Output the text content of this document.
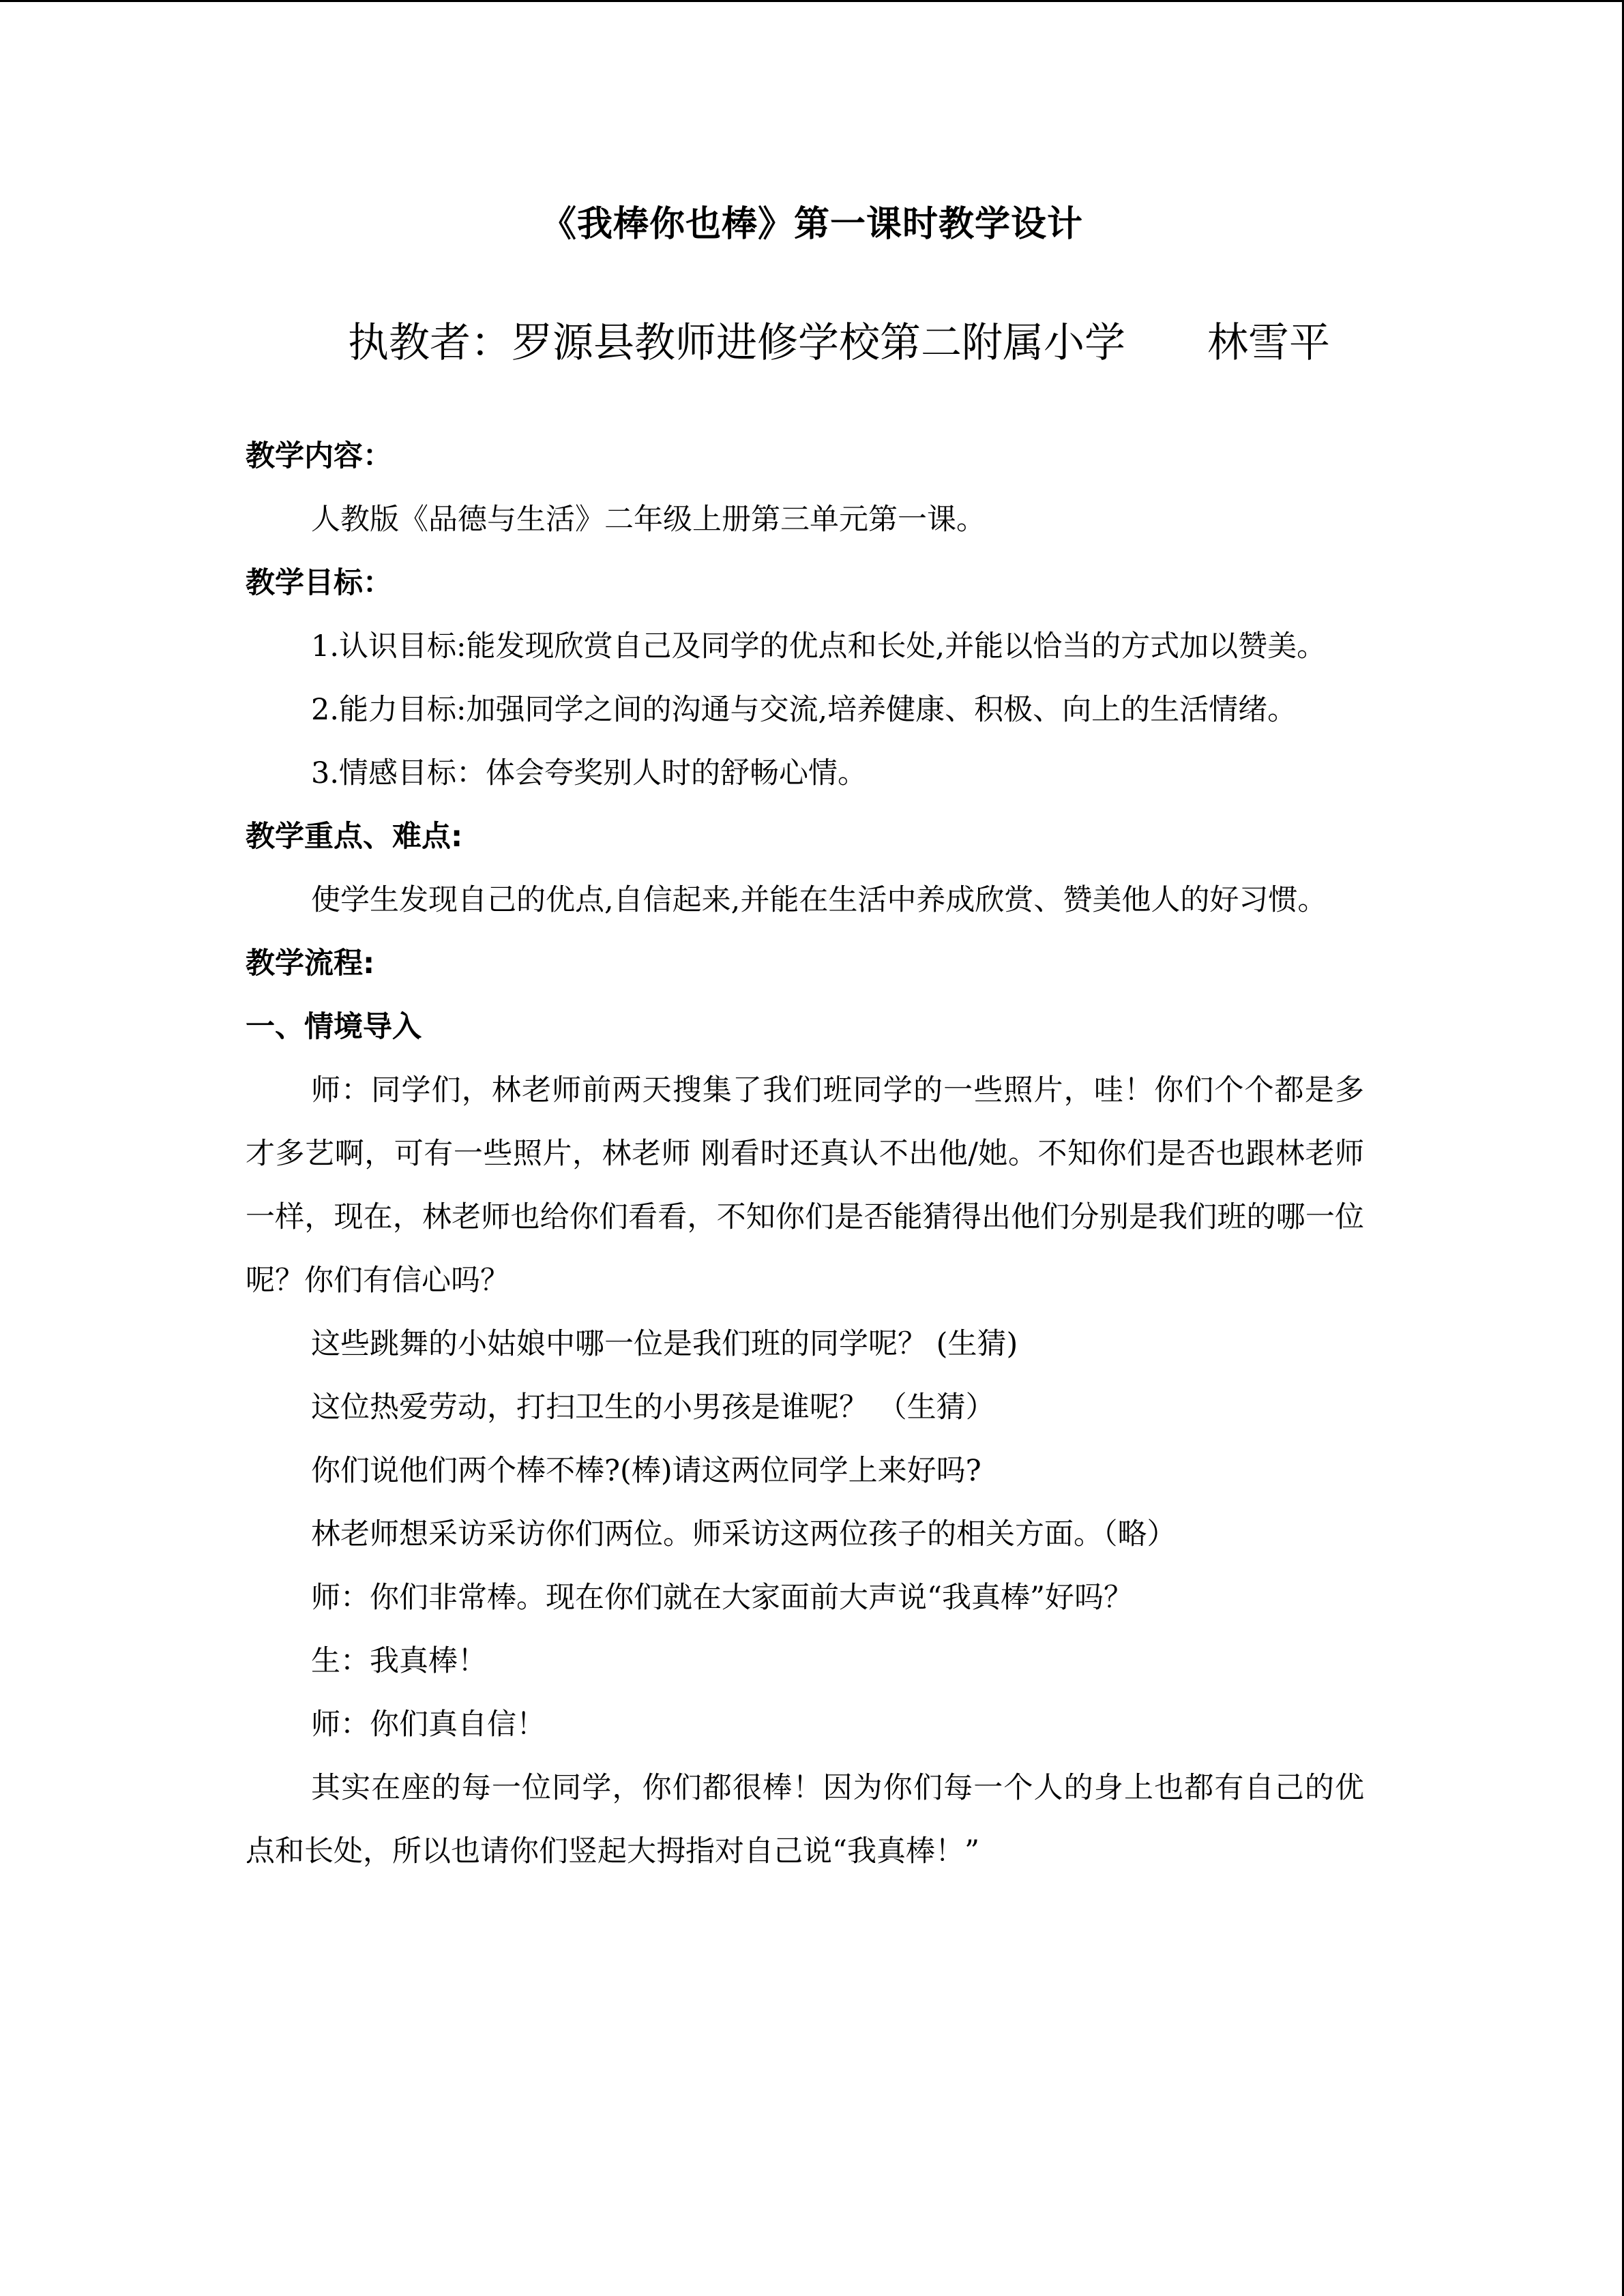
《我棒你也棒》第一课时教学设计
执教者：罗源县教师进修学校第二附属小学 林雪平

教学内容：

人教版《品德与生活》二年级上册第三单元第一课。

教学目标：

1.认识目标:能发现欣赏自己及同学的优点和长处,并能以恰当的方式加以赞美。

2.能力目标:加强同学之间的沟通与交流,培养健康、积极、向上的生活情绪。

3.情感目标：体会夸奖别人时的舒畅心情。

教学重点、难点:

使学生发现自己的优点,自信起来,并能在生活中养成欣赏、赞美他人的好习惯。

教学流程:

一、情境导入

师：同学们，林老师前两天搜集了我们班同学的一些照片，哇！你们个个都是多才多艺啊，可有一些照片，林老师 刚看时还真认不出他/她。不知你们是否也跟林老师一样，现在，林老师也给你们看看，不知你们是否能猜得出他们分别是我们班的哪一位呢？你们有信心吗？

这些跳舞的小姑娘中哪一位是我们班的同学呢？ (生猜)

这位热爱劳动，打扫卫生的小男孩是谁呢？ （生猜）

你们说他们两个棒不棒?(棒)请这两位同学上来好吗?

林老师想采访采访你们两位。师采访这两位孩子的相关方面。（略）

师：你们非常棒。现在你们就在大家面前大声说“我真棒”好吗？

生：我真棒！

师：你们真自信！

其实在座的每一位同学，你们都很棒！因为你们每一个人的身上也都有自己的优点和长处，所以也请你们竖起大拇指对自己说“我真棒！”
